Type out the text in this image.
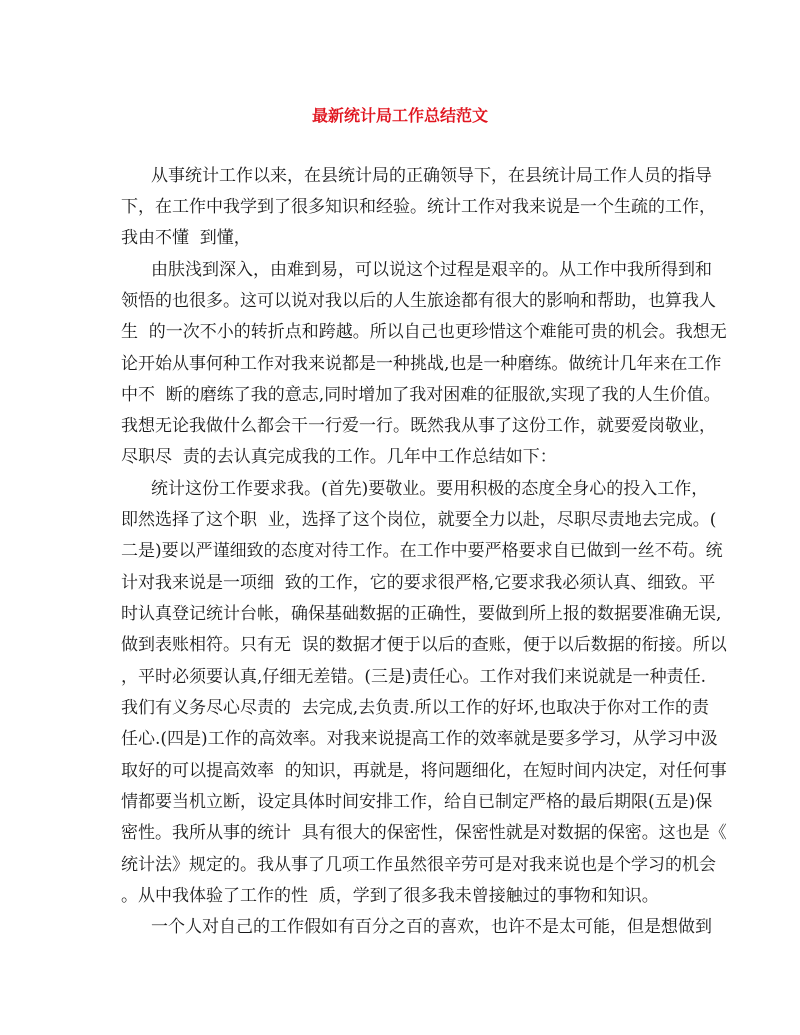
最新统计局工作总结范文
从事统计工作以来，在县统计局的正确领导下，在县统计局工作人员的指导
下，在工作中我学到了很多知识和经验。统计工作对我来说是一个生疏的工作，
我由不懂  到懂，
由肤浅到深入，由难到易，可以说这个过程是艰辛的。从工作中我所得到和
领悟的也很多。这可以说对我以后的人生旅途都有很大的影响和帮助，也算我人
生  的一次不小的转折点和跨越。所以自己也更珍惜这个难能可贵的机会。我想无
论开始从事何种工作对我来说都是一种挑战,也是一种磨练。做统计几年来在工作
中不  断的磨练了我的意志,同时增加了我对困难的征服欲,实现了我的人生价值。
我想无论我做什么都会干一行爱一行。既然我从事了这份工作，就要爱岗敬业，
尽职尽  责的去认真完成我的工作。几年中工作总结如下：
统计这份工作要求我。(首先)要敬业。要用积极的态度全身心的投入工作，
即然选择了这个职  业，选择了这个岗位，就要全力以赴，尽职尽责地去完成。(
二是)要以严谨细致的态度对待工作。在工作中要严格要求自已做到一丝不苟。统
计对我来说是一项细  致的工作，它的要求很严格,它要求我必须认真、细致。平
时认真登记统计台帐，确保基础数据的正确性，要做到所上报的数据要准确无误,
做到表账相符。只有无  误的数据才便于以后的查账，便于以后数据的衔接。所以
，平时必须要认真,仔细无差错。(三是)责任心。工作对我们来说就是一种责任.
我们有义务尽心尽责的  去完成,去负责.所以工作的好坏,也取决于你对工作的责
任心.(四是)工作的高效率。对我来说提高工作的效率就是要多学习，从学习中汲
取好的可以提高效率  的知识，再就是，将问题细化，在短时间内决定，对任何事
情都要当机立断，设定具体时间安排工作，给自已制定严格的最后期限(五是)保
密性。我所从事的统计  具有很大的保密性，保密性就是对数据的保密。这也是《
统计法》规定的。我从事了几项工作虽然很辛劳可是对我来说也是个学习的机会
。从中我体验了工作的性  质，学到了很多我未曾接触过的事物和知识。
一个人对自己的工作假如有百分之百的喜欢，也许不是太可能，但是想做到
